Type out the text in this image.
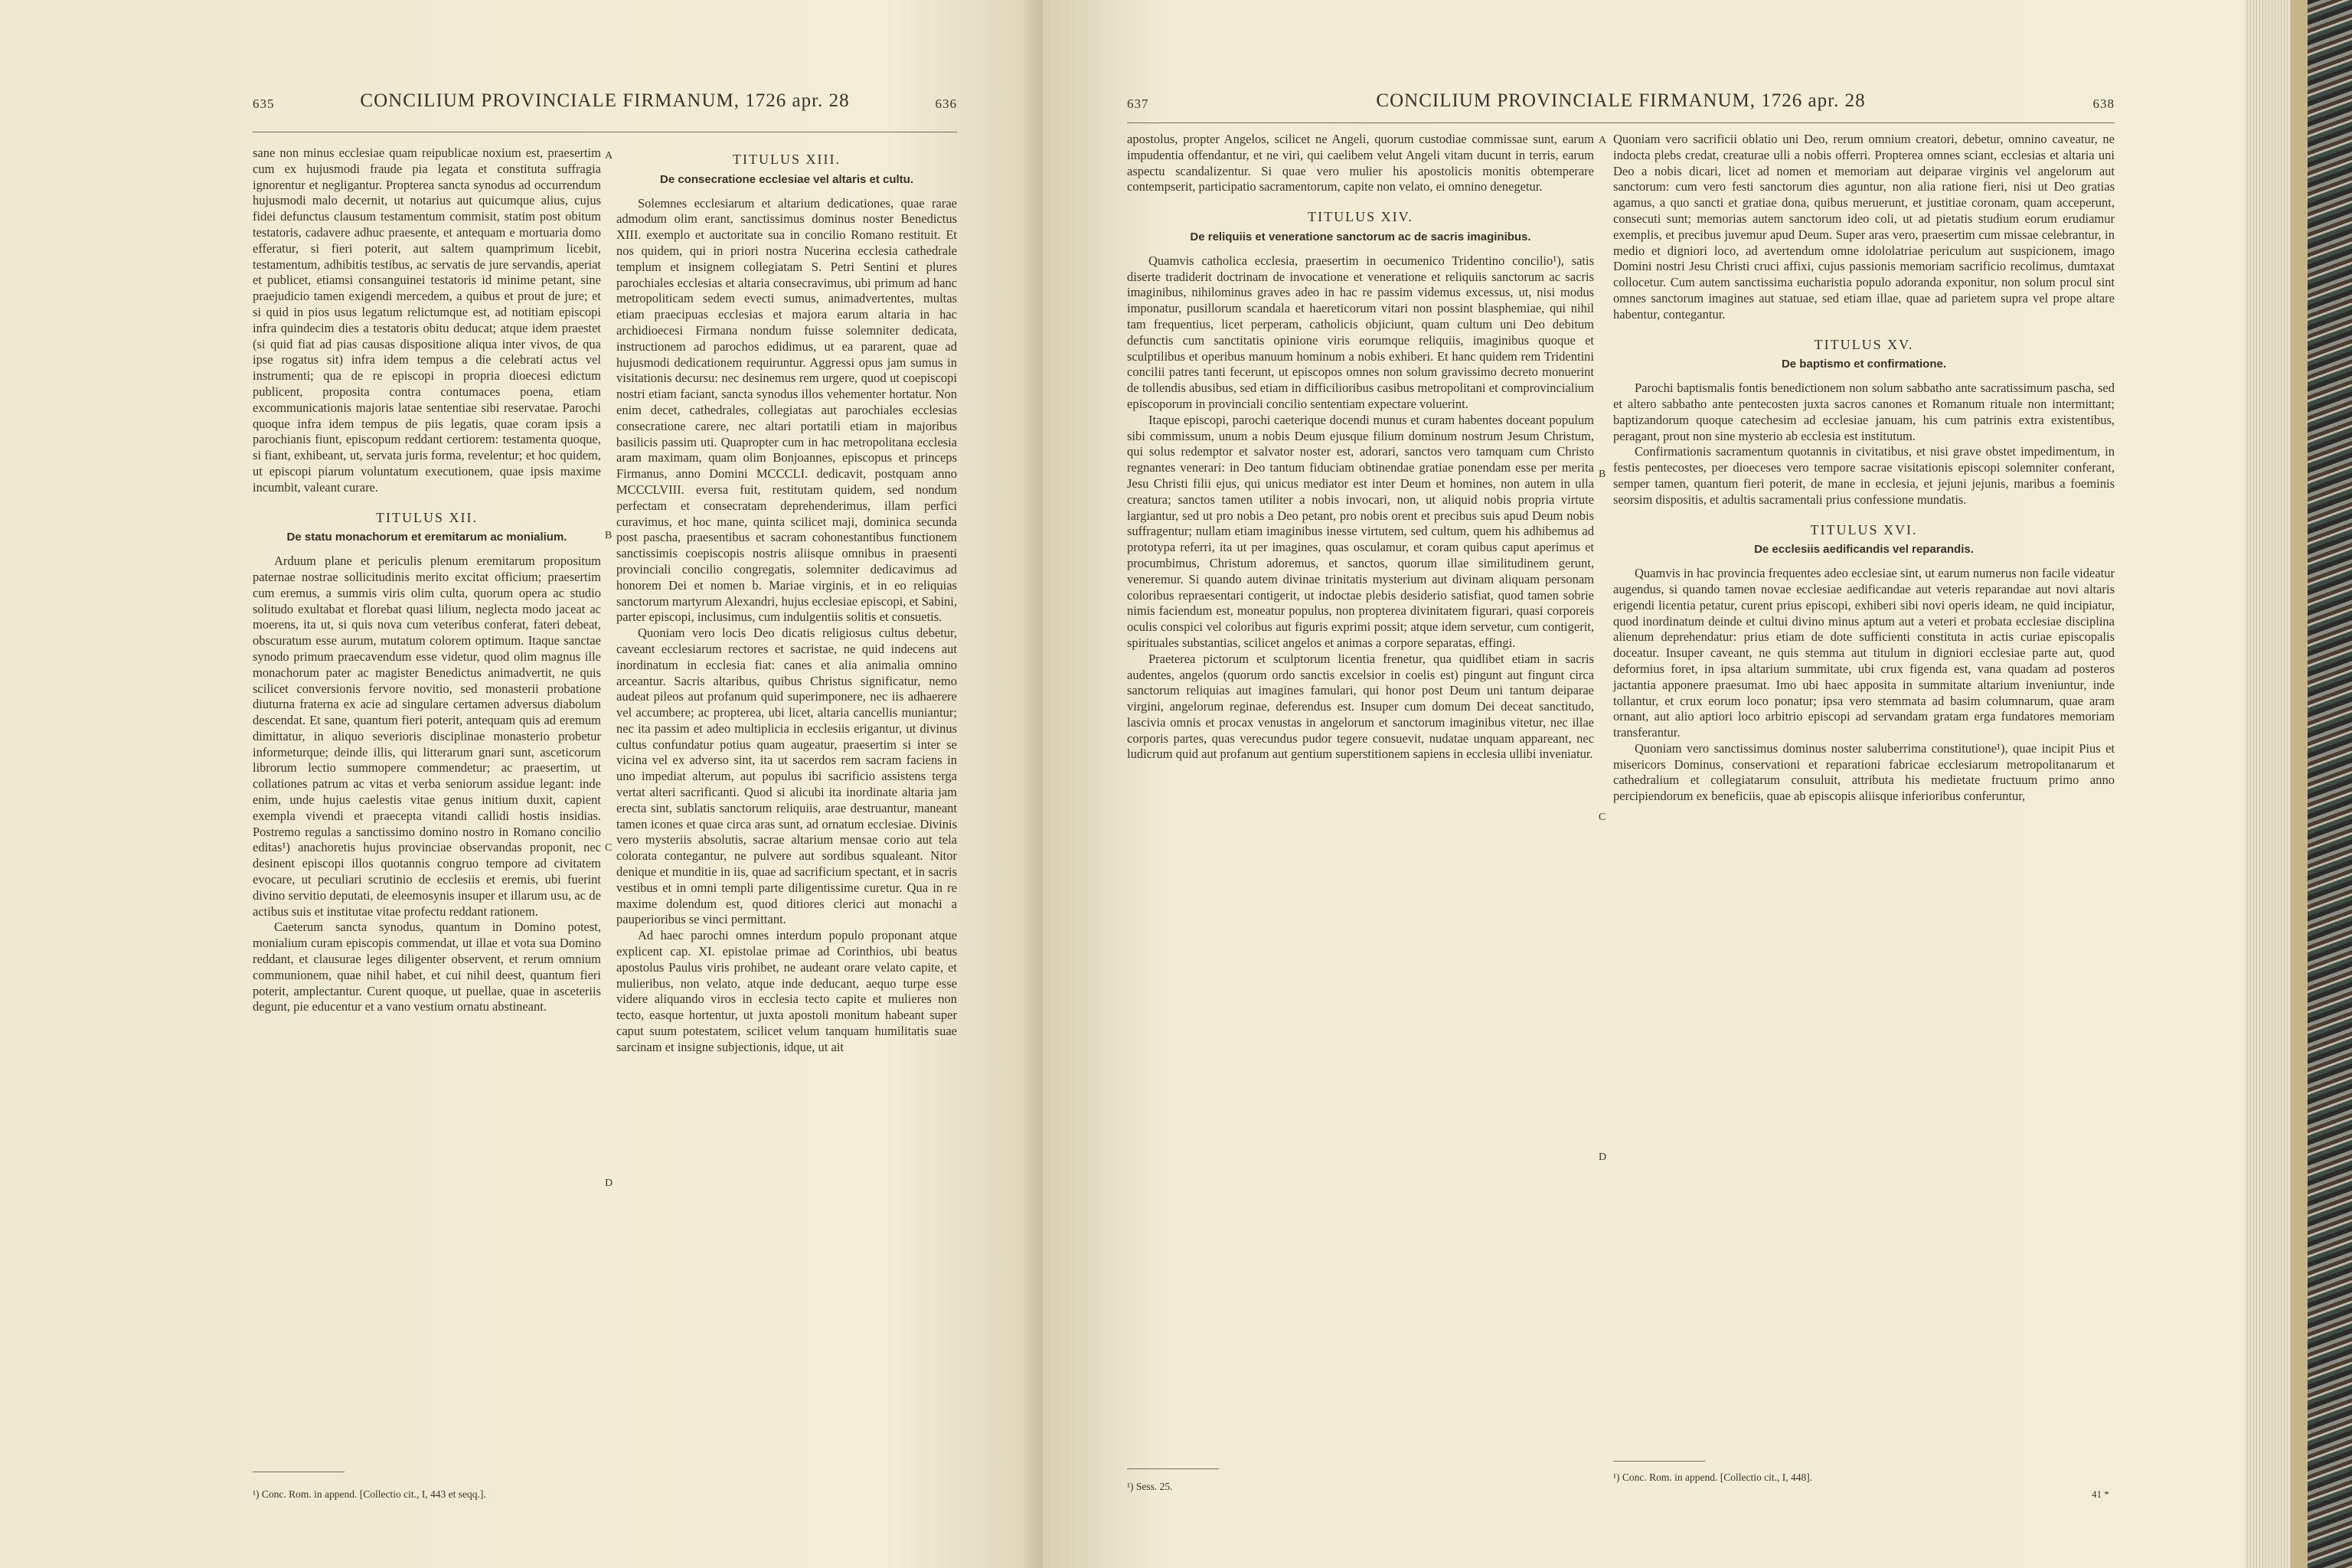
635	CONCILIUM PROVINCIALE FIRMANUM, 1726 apr. 28	636

sane non minus ecclesiae quam reipublicae noxium est, praesertim cum ex hujusmodi fraude pia legata et constituta suffragia ignorentur et negligantur. Propterea sancta synodus ad occurrendum hujusmodi malo decernit, ut notarius aut quicumque alius, cujus fidei defunctus clausum testamentum commisit, statim post obitum testatoris, cadavere adhuc praesente, et antequam e mortuaria domo efferatur, si fieri poterit, aut saltem quamprimum licebit, testamentum, adhibitis testibus, ac servatis de jure servandis, aperiat et publicet, etiamsi consanguinei testatoris id minime petant, sine praejudicio tamen exigendi mercedem, a quibus et prout de jure; et si quid in pios usus legatum relictumque est, ad notitiam episcopi infra quindecim dies a testatoris obitu deducat; atque idem praestet (si quid fiat ad pias causas dispositione aliqua inter vivos, de qua ipse rogatus sit) infra idem tempus a die celebrati actus vel instrumenti; qua de re episcopi in propria dioecesi edictum publicent, proposita contra contumaces poena, etiam excommunicationis majoris latae sententiae sibi reservatae. Parochi quoque infra idem tempus de piis legatis, quae coram ipsis a parochianis fiunt, episcopum reddant certiorem: testamenta quoque, si fiant, exhibeant, ut, servata juris forma, revelentur; et hoc quidem, ut episcopi piarum voluntatum executionem, quae ipsis maxime incumbit, valeant curare.

TITULUS XII.

De statu monachorum et eremitarum ac monialium.

Arduum plane et periculis plenum eremitarum propositum paternae nostrae sollicitudinis merito excitat officium; praesertim cum eremus, a summis viris olim culta, quorum opera ac studio solitudo exultabat et florebat quasi lilium, neglecta modo jaceat ac moerens, ita ut, si quis nova cum veteribus conferat, fateri debeat, obscuratum esse aurum, mutatum colorem optimum. Itaque sanctae synodo primum praecavendum esse videtur, quod olim magnus ille monachorum pater ac magister Benedictus animadvertit, ne quis scilicet conversionis fervore novitio, sed monasterii probatione diuturna fraterna ex acie ad singulare certamen adversus diabolum descendat. Et sane, quantum fieri poterit, antequam quis ad eremum dimittatur, in aliquo severioris disciplinae monasterio probetur informeturque; deinde illis, qui litterarum gnari sunt, asceticorum librorum lectio summopere commendetur; ac praesertim, ut collationes patrum ac vitas et verba seniorum assidue legant: inde enim, unde hujus caelestis vitae genus initium duxit, capient exempla vivendi et praecepta vitandi callidi hostis insidias. Postremo regulas a sanctissimo domino nostro in Romano concilio editas¹) anachoretis hujus provinciae observandas proponit, nec desinent episcopi illos quotannis congruo tempore ad civitatem evocare, ut peculiari scrutinio de ecclesiis et eremis, ubi fuerint divino servitio deputati, de eleemosynis insuper et illarum usu, ac de actibus suis et institutae vitae profectu reddant rationem.

Caeterum sancta synodus, quantum in Domino potest, monialium curam episcopis commendat, ut illae et vota sua Domino reddant, et clausurae leges diligenter observent, et rerum omnium communionem, quae nihil habet, et cui nihil deest, quantum fieri poterit, amplectantur. Curent quoque, ut puellae, quae in asceteriis degunt, pie educentur et a vano vestium ornatu abstineant.

¹) Conc. Rom. in append. [Collectio cit., I, 443 et seqq.].
A
B
C
D

TITULUS XIII.

De consecratione ecclesiae vel altaris et cultu.

Solemnes ecclesiarum et altarium dedicationes, quae rarae admodum olim erant, sanctissimus dominus noster Benedictus XIII. exemplo et auctoritate sua in concilio Romano restituit. Et nos quidem, qui in priori nostra Nucerina ecclesia cathedrale templum et insignem collegiatam S. Petri Sentini et plures parochiales ecclesias et altaria consecravimus, ubi primum ad hanc metropoliticam sedem evecti sumus, animadvertentes, multas etiam praecipuas ecclesias et majora earum altaria in hac archidioecesi Firmana nondum fuisse solemniter dedicata, instructionem ad parochos edidimus, ut ea pararent, quae ad hujusmodi dedicationem requiruntur. Aggressi opus jam sumus in visitationis decursu: nec desinemus rem urgere, quod ut coepiscopi nostri etiam faciant, sancta synodus illos vehementer hortatur. Non enim decet, cathedrales, collegiatas aut parochiales ecclesias consecratione carere, nec altari portatili etiam in majoribus basilicis passim uti. Quapropter cum in hac metropolitana ecclesia aram maximam, quam olim Bonjoannes, episcopus et princeps Firmanus, anno Domini MCCCLI. dedicavit, postquam anno MCCCLVIII. eversa fuit, restitutam quidem, sed nondum perfectam et consecratam deprehenderimus, illam perfici curavimus, et hoc mane, quinta scilicet maji, dominica secunda post pascha, praesentibus et sacram cohonestantibus functionem sanctissimis coepiscopis nostris aliisque omnibus in praesenti provinciali concilio congregatis, solemniter dedicavimus ad honorem Dei et nomen b. Mariae virginis, et in eo reliquias sanctorum martyrum Alexandri, hujus ecclesiae episcopi, et Sabini, parter episcopi, inclusimus, cum indulgentiis solitis et consuetis.

Quoniam vero locis Deo dicatis religiosus cultus debetur, caveant ecclesiarum rectores et sacristae, ne quid indecens aut inordinatum in ecclesia fiat: canes et alia animalia omnino arceantur. Sacris altaribus, quibus Christus significatur, nemo audeat pileos aut profanum quid superimponere, nec iis adhaerere vel accumbere; ac propterea, ubi licet, altaria cancellis muniantur; nec ita passim et adeo multiplicia in ecclesiis erigantur, ut divinus cultus confundatur potius quam augeatur, praesertim si inter se vicina vel ex adverso sint, ita ut sacerdos rem sacram faciens in uno impediat alterum, aut populus ibi sacrificio assistens terga vertat alteri sacrificanti. Quod si alicubi ita inordinate altaria jam erecta sint, sublatis sanctorum reliquiis, arae destruantur, maneant tamen icones et quae circa aras sunt, ad ornatum ecclesiae. Divinis vero mysteriis absolutis, sacrae altarium mensae corio aut tela colorata contegantur, ne pulvere aut sordibus squaleant. Nitor denique et munditie in iis, quae ad sacrificium spectant, et in sacris vestibus et in omni templi parte diligentissime curetur. Qua in re maxime dolendum est, quod ditiores clerici aut monachi a pauperioribus se vinci permittant.

Ad haec parochi omnes interdum populo proponant atque explicent cap. XI. epistolae primae ad Corinthios, ubi beatus apostolus Paulus viris prohibet, ne audeant orare velato capite, et mulieribus, non velato, atque inde deducant, aequo turpe esse videre aliquando viros in ecclesia tecto capite et mulieres non tecto, easque hortentur, ut juxta apostoli monitum habeant super caput suum potestatem, scilicet velum tanquam humilitatis suae sarcinam et insigne subjectionis, idque, ut ait

637	CONCILIUM PROVINCIALE FIRMANUM, 1726 apr. 28	638

apostolus, propter Angelos, scilicet ne Angeli, quorum custodiae commissae sunt, earum impudentia offendantur, et ne viri, qui caelibem velut Angeli vitam ducunt in terris, earum aspectu scandalizentur. Si quae vero mulier his apostolicis monitis obtemperare contempserit, participatio sacramentorum, capite non velato, ei omnino denegetur.

TITULUS XIV.

De reliquiis et veneratione sanctorum ac de sacris imaginibus.

Quamvis catholica ecclesia, praesertim in oecumenico Tridentino concilio¹), satis diserte tradiderit doctrinam de invocatione et veneratione et reliquiis sanctorum ac sacris imaginibus, nihilominus graves adeo in hac re passim videmus excessus, ut, nisi modus imponatur, pusillorum scandala et haereticorum vitari non possint blasphemiae, qui nihil tam frequentius, licet perperam, catholicis objiciunt, quam cultum uni Deo debitum defunctis cum sanctitatis opinione viris eorumque reliquiis, imaginibus quoque et sculptilibus et operibus manuum hominum a nobis exhiberi. Et hanc quidem rem Tridentini concilii patres tanti fecerunt, ut episcopos omnes non solum gravissimo decreto monuerint de tollendis abusibus, sed etiam in difficilioribus casibus metropolitani et comprovincialium episcoporum in provinciali concilio sententiam expectare voluerint.

Itaque episcopi, parochi caeterique docendi munus et curam habentes doceant populum sibi commissum, unum a nobis Deum ejusque filium dominum nostrum Jesum Christum, qui solus redemptor et salvator noster est, adorari, sanctos vero tamquam cum Christo regnantes venerari: in Deo tantum fiduciam obtinendae gratiae ponendam esse per merita Jesu Christi filii ejus, qui unicus mediator est inter Deum et homines, non autem in ulla creatura; sanctos tamen utiliter a nobis invocari, non, ut aliquid nobis propria virtute largiantur, sed ut pro nobis a Deo petant, pro nobis orent et precibus suis apud Deum nobis suffragentur; nullam etiam imaginibus inesse virtutem, sed cultum, quem his adhibemus ad prototypa referri, ita ut per imagines, quas osculamur, et coram quibus caput aperimus et procumbimus, Christum adoremus, et sanctos, quorum illae similitudinem gerunt, veneremur. Si quando autem divinae trinitatis mysterium aut divinam aliquam personam coloribus repraesentari contigerit, ut indoctae plebis desiderio satisfiat, quod tamen sobrie nimis faciendum est, moneatur populus, non propterea divinitatem figurari, quasi corporeis oculis conspici vel coloribus aut figuris exprimi possit; atque idem servetur, cum contigerit, spirituales substantias, scilicet angelos et animas a corpore separatas, effingi.

Praeterea pictorum et sculptorum licentia frenetur, qua quidlibet etiam in sacris audentes, angelos (quorum ordo sanctis excelsior in coelis est) pingunt aut fingunt circa sanctorum reliquias aut imagines famulari, qui honor post Deum uni tantum deiparae virgini, angelorum reginae, deferendus est. Insuper cum domum Dei deceat sanctitudo, lascivia omnis et procax venustas in angelorum et sanctorum imaginibus vitetur, nec illae corporis partes, quas verecundus pudor tegere consuevit, nudatae unquam appareant, nec ludicrum quid aut profanum aut gentium superstitionem sapiens in ecclesia ullibi inveniatur.

¹) Sess. 25.
A
B
C
D

Quoniam vero sacrificii oblatio uni Deo, rerum omnium creatori, debetur, omnino caveatur, ne indocta plebs credat, creaturae ulli a nobis offerri. Propterea omnes sciant, ecclesias et altaria uni Deo a nobis dicari, licet ad nomen et memoriam aut deiparae virginis vel angelorum aut sanctorum: cum vero festi sanctorum dies aguntur, non alia ratione fieri, nisi ut Deo gratias agamus, a quo sancti et gratiae dona, quibus meruerunt, et justitiae coronam, quam acceperunt, consecuti sunt; memorias autem sanctorum ideo coli, ut ad pietatis studium eorum erudiamur exemplis, et precibus juvemur apud Deum. Super aras vero, praesertim cum missae celebrantur, in medio et digniori loco, ad avertendum omne idololatriae periculum aut suspicionem, imago Domini nostri Jesu Christi cruci affixi, cujus passionis memoriam sacrificio recolimus, dumtaxat collocetur. Cum autem sanctissima eucharistia populo adoranda exponitur, non solum procul sint omnes sanctorum imagines aut statuae, sed etiam illae, quae ad parietem supra vel prope altare habentur, contegantur.

TITULUS XV.

De baptismo et confirmatione.

Parochi baptismalis fontis benedictionem non solum sabbatho ante sacratissimum pascha, sed et altero sabbatho ante pentecosten juxta sacros canones et Romanum rituale non intermittant; baptizandorum quoque catechesim ad ecclesiae januam, his cum patrinis extra existentibus, peragant, prout non sine mysterio ab ecclesia est institutum.

Confirmationis sacramentum quotannis in civitatibus, et nisi grave obstet impedimentum, in festis pentecostes, per dioeceses vero tempore sacrae visitationis episcopi solemniter conferant, semper tamen, quantum fieri poterit, de mane in ecclesia, et jejuni jejunis, maribus a foeminis seorsim dispositis, et adultis sacramentali prius confessione mundatis.

TITULUS XVI.

De ecclesiis aedificandis vel reparandis.

Quamvis in hac provincia frequentes adeo ecclesiae sint, ut earum numerus non facile videatur augendus, si quando tamen novae ecclesiae aedificandae aut veteris reparandae aut novi altaris erigendi licentia petatur, curent prius episcopi, exhiberi sibi novi operis ideam, ne quid incipiatur, quod inordinatum deinde et cultui divino minus aptum aut a veteri et probata ecclesiae disciplina alienum deprehendatur: prius etiam de dote sufficienti constituta in actis curiae episcopalis doceatur. Insuper caveant, ne quis stemma aut titulum in digniori ecclesiae parte aut, quod deformius foret, in ipsa altarium summitate, ubi crux figenda est, vana quadam ad posteros jactantia apponere praesumat. Imo ubi haec apposita in summitate altarium inveniuntur, inde tollantur, et crux eorum loco ponatur; ipsa vero stemmata ad basim columnarum, quae aram ornant, aut alio aptiori loco arbitrio episcopi ad servandam gratam erga fundatores memoriam transferantur.

Quoniam vero sanctissimus dominus noster saluberrima constitutione¹), quae incipit Pius et misericors Dominus, conservationi et reparationi fabricae ecclesiarum metropolitanarum et cathedralium et collegiatarum consuluit, attributa his medietate fructuum primo anno percipiendorum ex beneficiis, quae ab episcopis aliisque inferioribus conferuntur,

¹) Conc. Rom. in append. [Collectio cit., I, 448].
41 *
